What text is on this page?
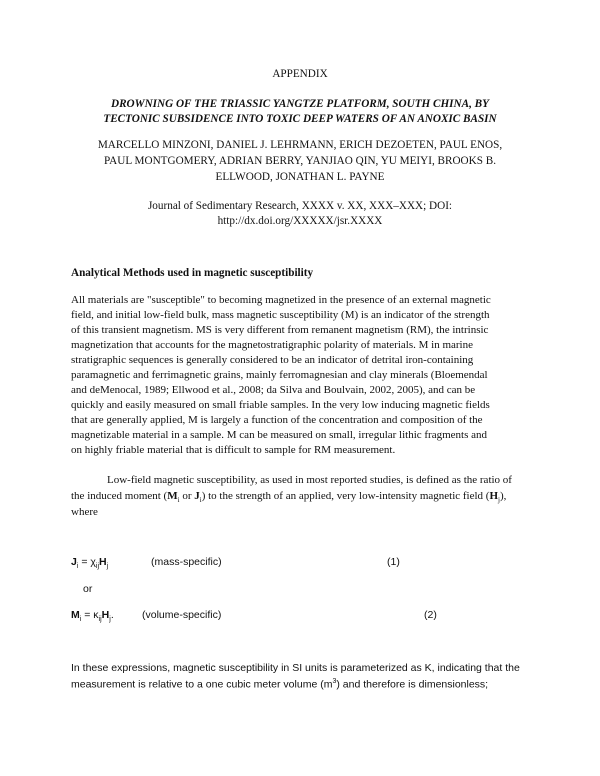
APPENDIX
DROWNING OF THE TRIASSIC YANGTZE PLATFORM, SOUTH CHINA, BY
TECTONIC SUBSIDENCE INTO TOXIC DEEP WATERS OF AN ANOXIC BASIN
MARCELLO MINZONI, DANIEL J. LEHRMANN, ERICH DEZOETEN, PAUL ENOS,
PAUL MONTGOMERY, ADRIAN BERRY, YANJIAO QIN, YU MEIYI, BROOKS B.
ELLWOOD, JONATHAN L. PAYNE
Journal of Sedimentary Research, XXXX v. XX, XXX–XXX; DOI:
http://dx.doi.org/XXXXX/jsr.XXXX
Analytical Methods used in magnetic susceptibility
All materials are "susceptible" to becoming magnetized in the presence of an external magnetic
field, and initial low-field bulk, mass magnetic susceptibility (M) is an indicator of the strength
of this transient magnetism. MS is very different from remanent magnetism (RM), the intrinsic
magnetization that accounts for the magnetostratigraphic polarity of materials. M in marine
stratigraphic sequences is generally considered to be an indicator of detrital iron-containing
paramagnetic and ferrimagnetic grains, mainly ferromagnesian and clay minerals (Bloemendal
and deMenocal, 1989; Ellwood et al., 2008; da Silva and Boulvain, 2002, 2005), and can be
quickly and easily measured on small friable samples. In the very low inducing magnetic fields
that are generally applied, M is largely a function of the concentration and composition of the
magnetizable material in a sample. M can be measured on small, irregular lithic fragments and
on highly friable material that is difficult to sample for RM measurement.
Low-field magnetic susceptibility, as used in most reported studies, is defined as the ratio of
the induced moment ($M_i$ or $J_i$) to the strength of an applied, very low-intensity magnetic field $(H_j)$,
where
$J_i = \chi_{ij}H_j$	(mass-specific)	(1)
or
$M_i = \kappa_{ij}H_j$.	(volume-specific)	(2)
In these expressions, magnetic susceptibility in SI units is parameterized as K, indicating that the
measurement is relative to a one cubic meter volume $(m^3)$ and therefore is dimensionless;
